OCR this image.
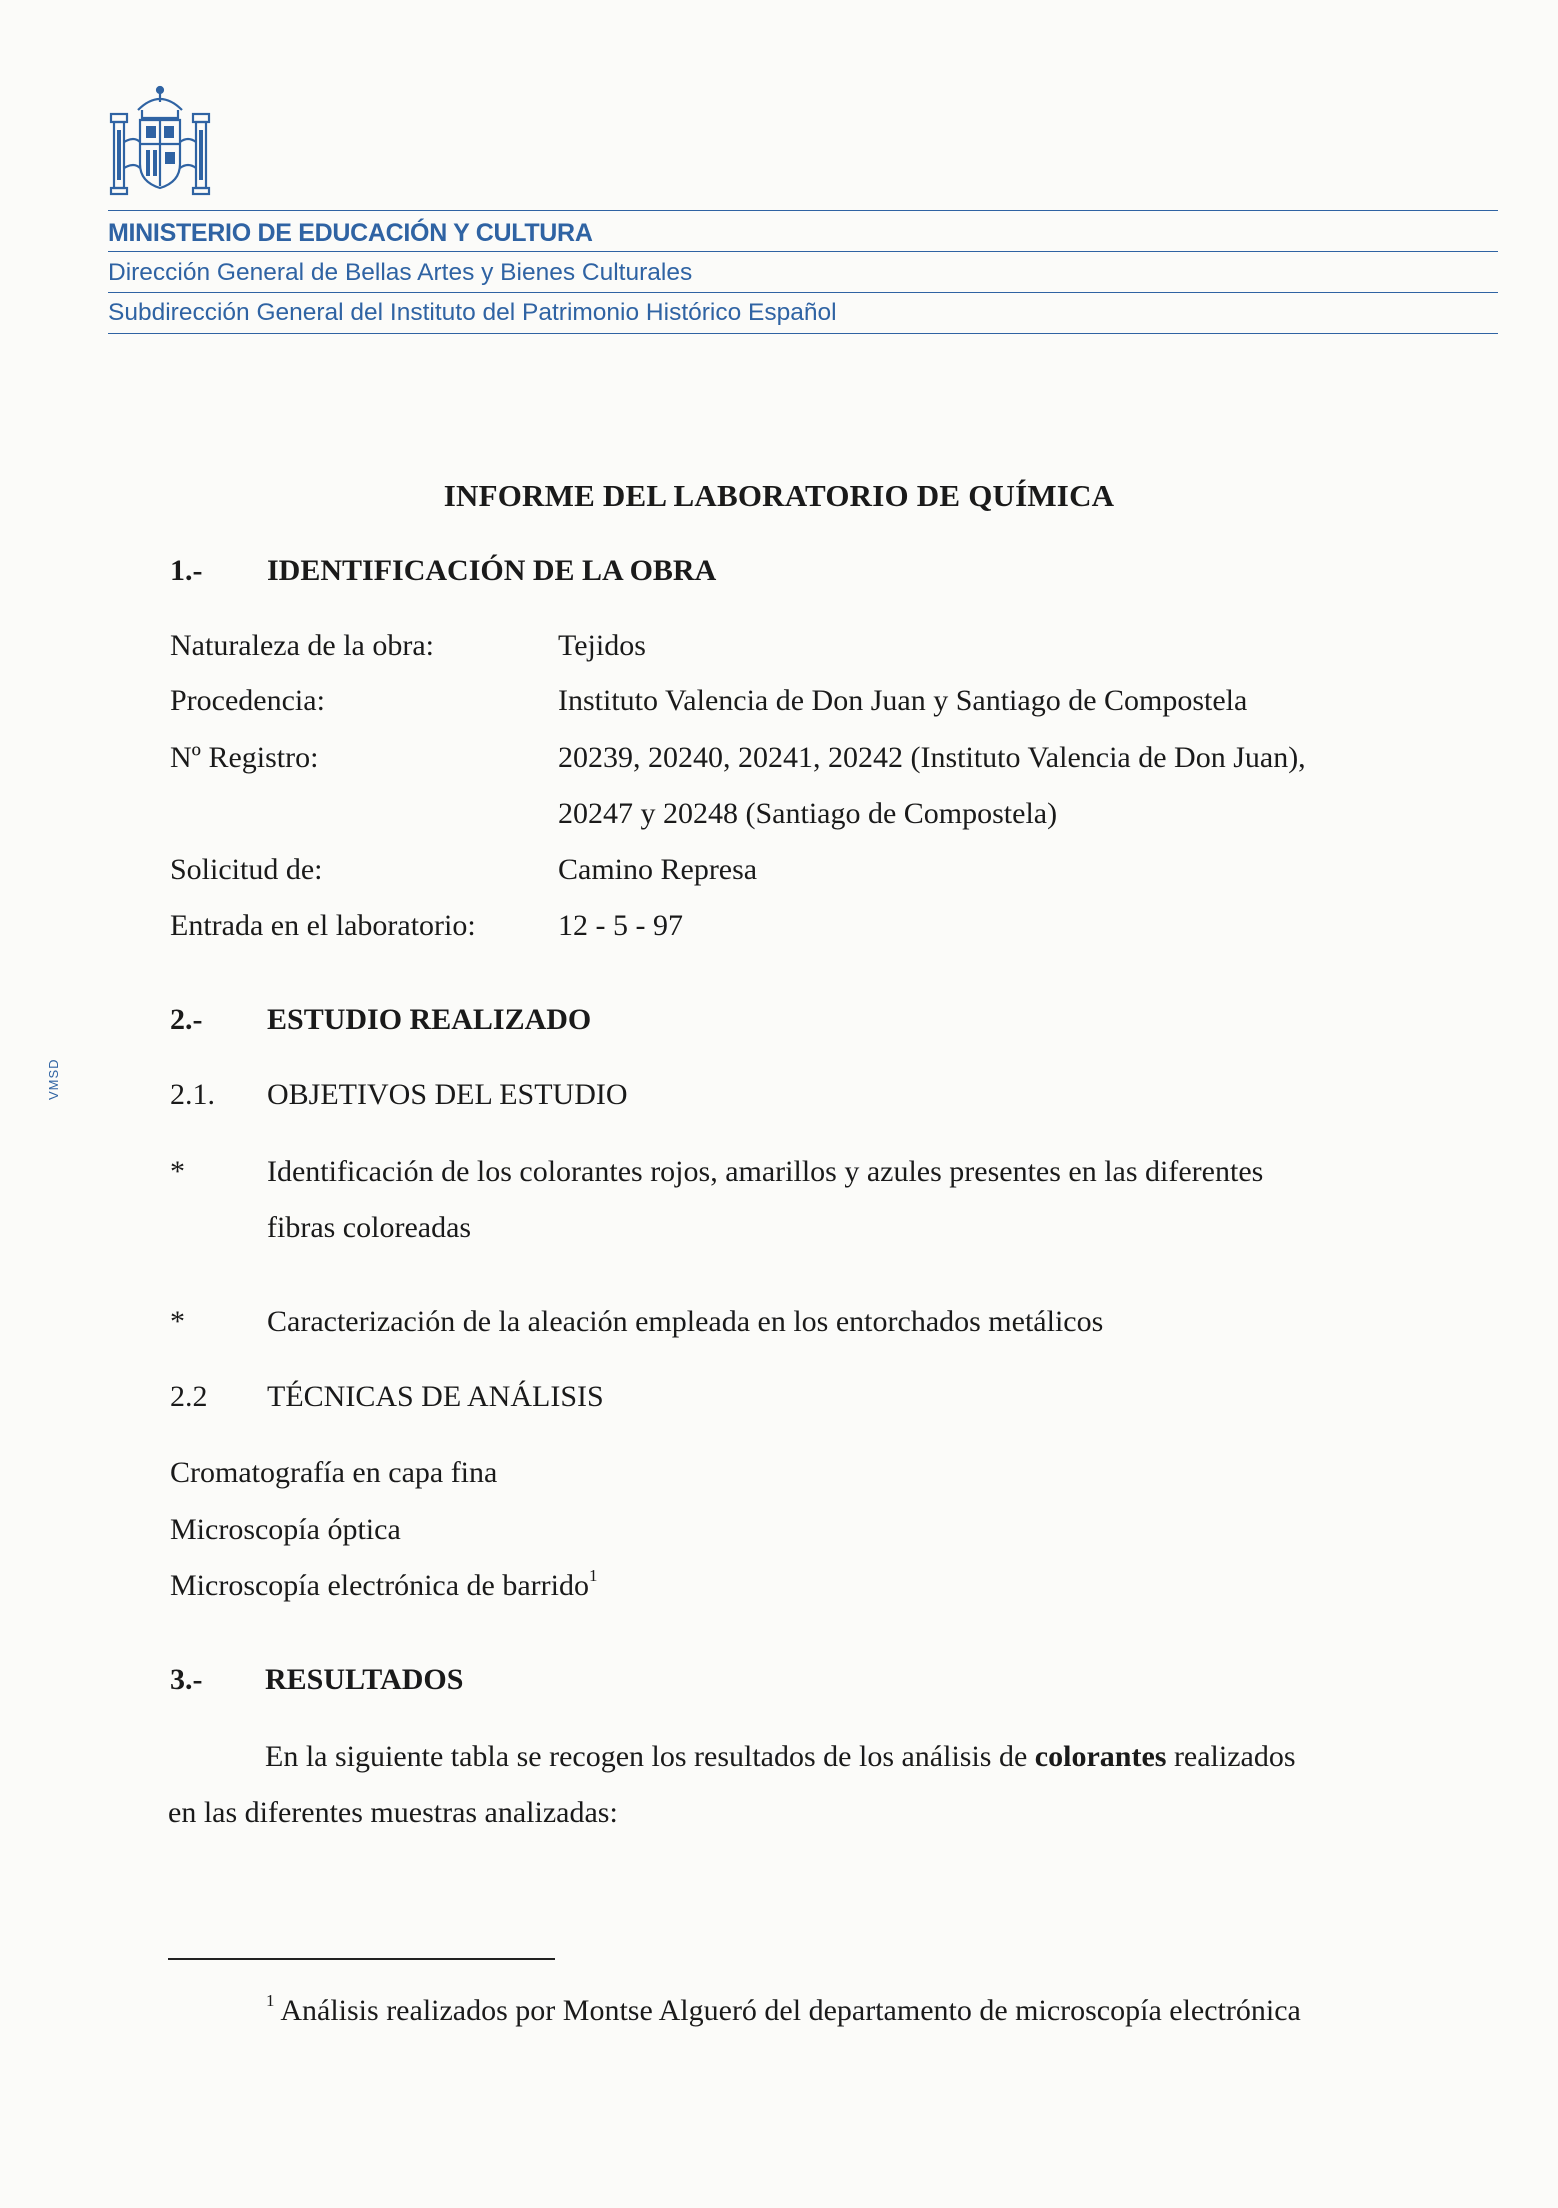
MINISTERIO DE EDUCACIÓN Y CULTURA
Dirección General de Bellas Artes y Bienes Culturales
Subdirección General del Instituto del Patrimonio Histórico Español
VMSD
INFORME DEL LABORATORIO DE QUÍMICA
1.- IDENTIFICACIÓN DE LA OBRA
Naturaleza de la obra:	Tejidos
Procedencia:	Instituto Valencia de Don Juan y Santiago de Compostela
Nº Registro:	20239, 20240, 20241, 20242 (Instituto Valencia de Don Juan),
20247 y 20248 (Santiago de Compostela)
Solicitud de:	Camino Represa
Entrada en el laboratorio:	12 - 5 - 97
2.- ESTUDIO REALIZADO
2.1. OBJETIVOS DEL ESTUDIO
*	Identificación de los colorantes rojos, amarillos y azules presentes en las diferentes
fibras coloreadas
*	Caracterización de la aleación empleada en los entorchados metálicos
2.2 TÉCNICAS DE ANÁLISIS
Cromatografía en capa fina
Microscopía óptica
Microscopía electrónica de barrido$^1$
3.- RESULTADOS
En la siguiente tabla se recogen los resultados de los análisis de colorantes realizados
en las diferentes muestras analizadas:
$^1$ Análisis realizados por Montse Algueró del departamento de microscopía electrónica
